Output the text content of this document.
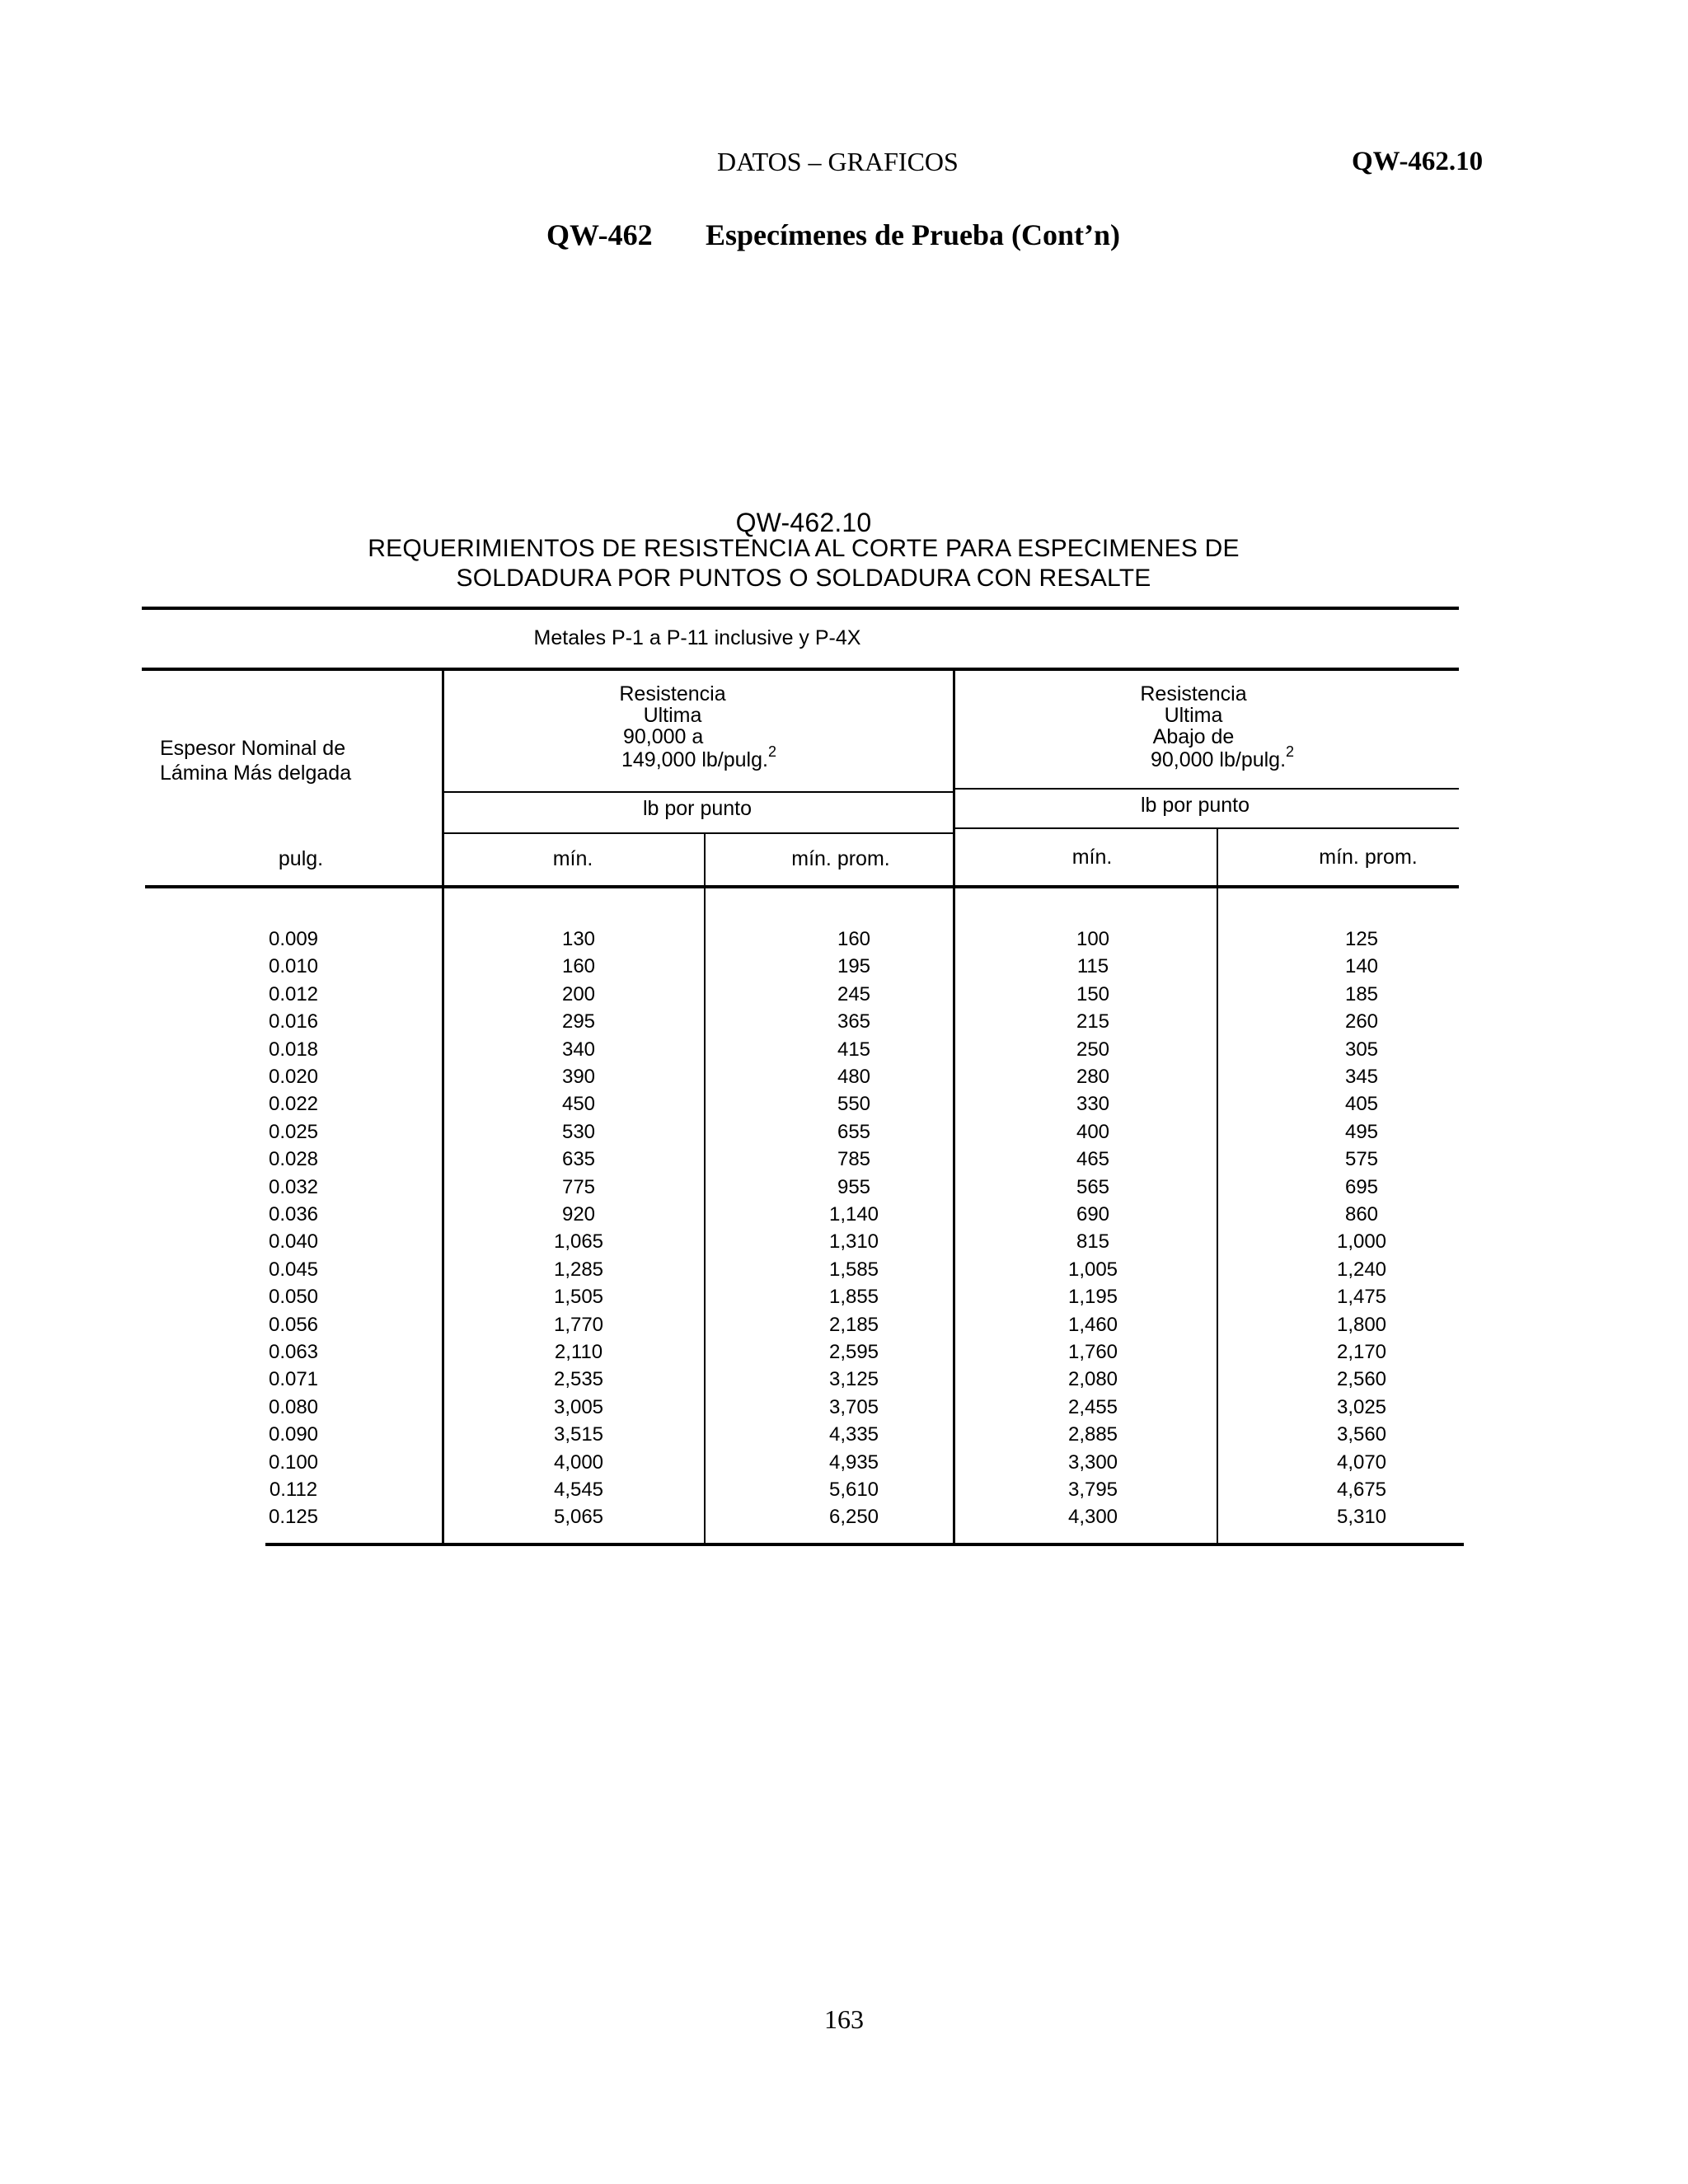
DATOS – GRAFICOS	QW-462.10
QW-462 Especímenes de Prueba (Cont’n)
QW-462.10
REQUERIMIENTOS DE RESISTENCIA AL CORTE PARA ESPECIMENES DE
SOLDADURA POR PUNTOS O SOLDADURA CON RESALTE
Metales P-1 a P-11 inclusive y P-4X
Espesor Nominal de
Lámina Más delgada
pulg.
Resistencia
Ultima
90,000 a
149,000 lb/pulg.$^2$
lb por punto
Resistencia
Ultima
Abajo de
90,000 lb/pulg.$^2$
lb por punto
mín.	mín. prom.	mín.	mín. prom.
0.009	130	160	100	125
0.010	160	195	115	140
0.012	200	245	150	185
0.016	295	365	215	260
0.018	340	415	250	305
0.020	390	480	280	345
0.022	450	550	330	405
0.025	530	655	400	495
0.028	635	785	465	575
0.032	775	955	565	695
0.036	920	1,140	690	860
0.040	1,065	1,310	815	1,000
0.045	1,285	1,585	1,005	1,240
0.050	1,505	1,855	1,195	1,475
0.056	1,770	2,185	1,460	1,800
0.063	2,110	2,595	1,760	2,170
0.071	2,535	3,125	2,080	2,560
0.080	3,005	3,705	2,455	3,025
0.090	3,515	4,335	2,885	3,560
0.100	4,000	4,935	3,300	4,070
0.112	4,545	5,610	3,795	4,675
0.125	5,065	6,250	4,300	5,310
163
